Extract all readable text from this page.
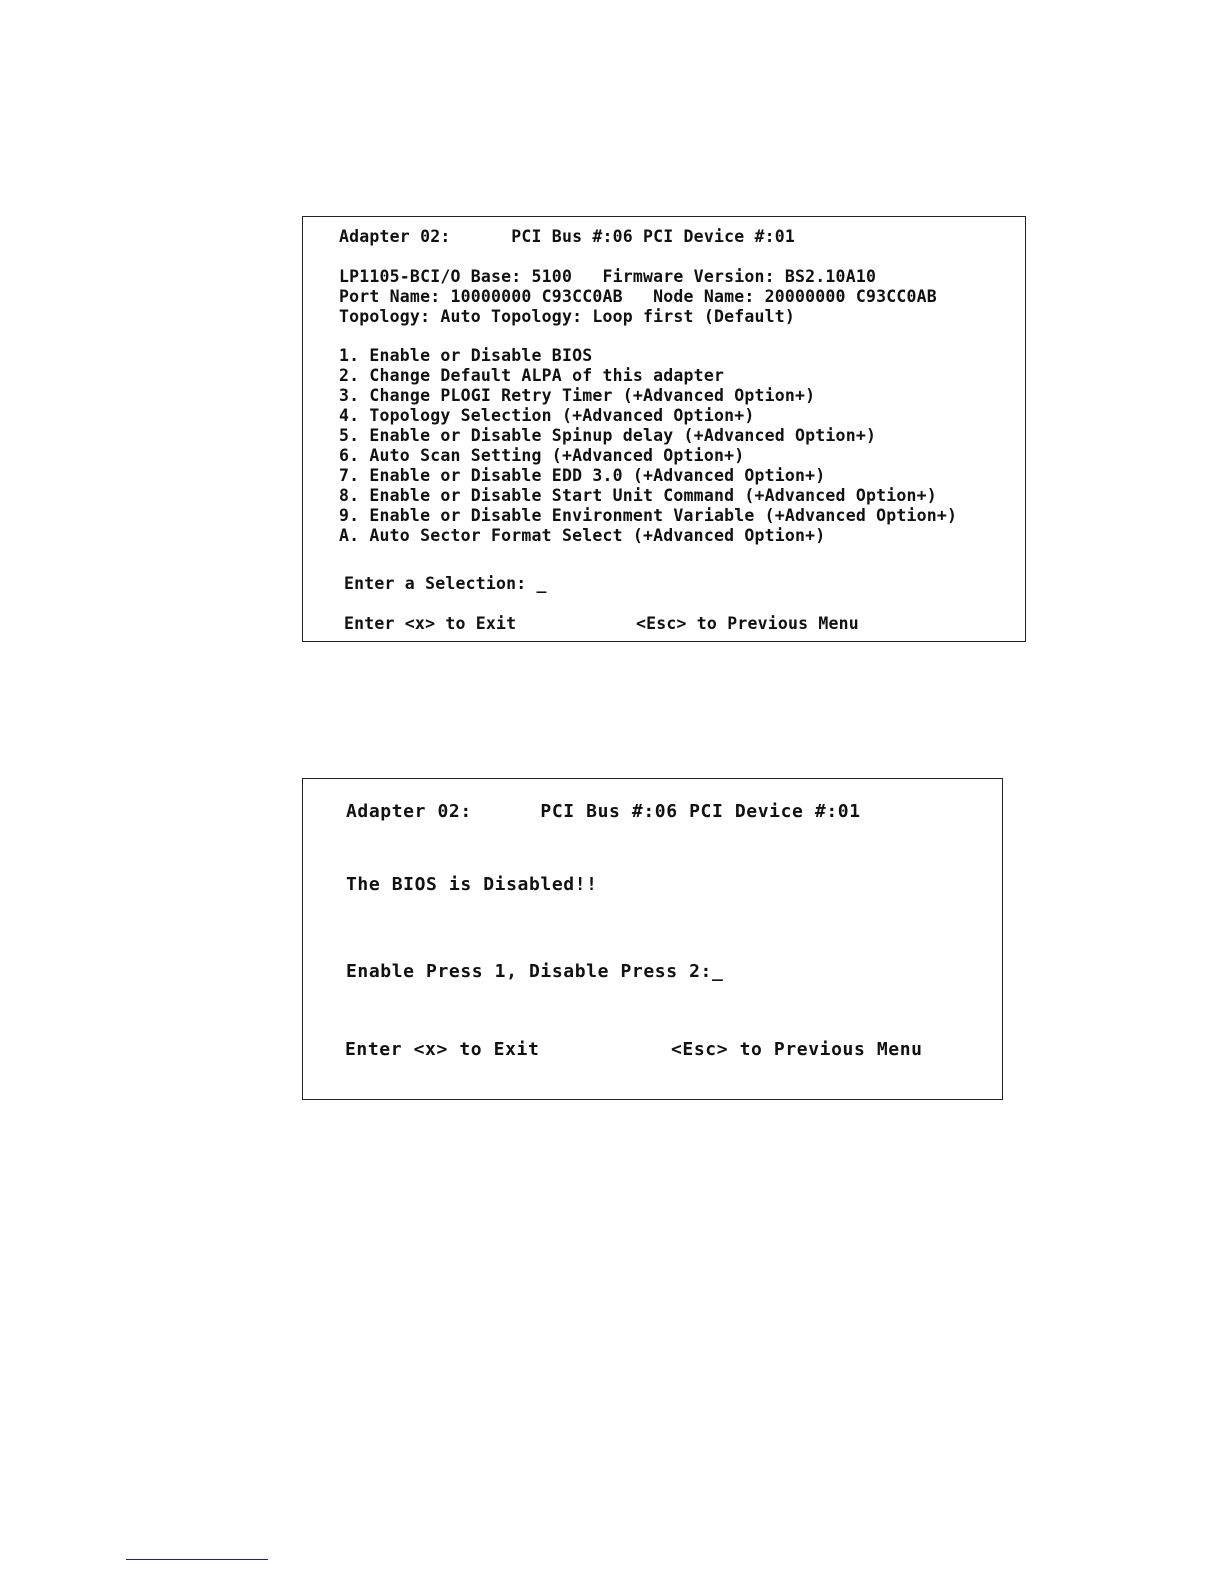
Adapter 02:      PCI Bus #:06 PCI Device #:01
LP1105-BCI/O Base: 5100   Firmware Version: BS2.10A10
Port Name: 10000000 C93CC0AB   Node Name: 20000000 C93CC0AB
Topology: Auto Topology: Loop first (Default)
1. Enable or Disable BIOS
2. Change Default ALPA of this adapter
3. Change PLOGI Retry Timer (+Advanced Option+)
4. Topology Selection (+Advanced Option+)
5. Enable or Disable Spinup delay (+Advanced Option+)
6. Auto Scan Setting (+Advanced Option+)
7. Enable or Disable EDD 3.0 (+Advanced Option+)
8. Enable or Disable Start Unit Command (+Advanced Option+)
9. Enable or Disable Environment Variable (+Advanced Option+)
A. Auto Sector Format Select (+Advanced Option+)
Enter a Selection: _
Enter <x> to Exit	<Esc> to Previous Menu
Adapter 02:      PCI Bus #:06 PCI Device #:01
The BIOS is Disabled!!
Enable Press 1, Disable Press 2:_
Enter <x> to Exit	<Esc> to Previous Menu
